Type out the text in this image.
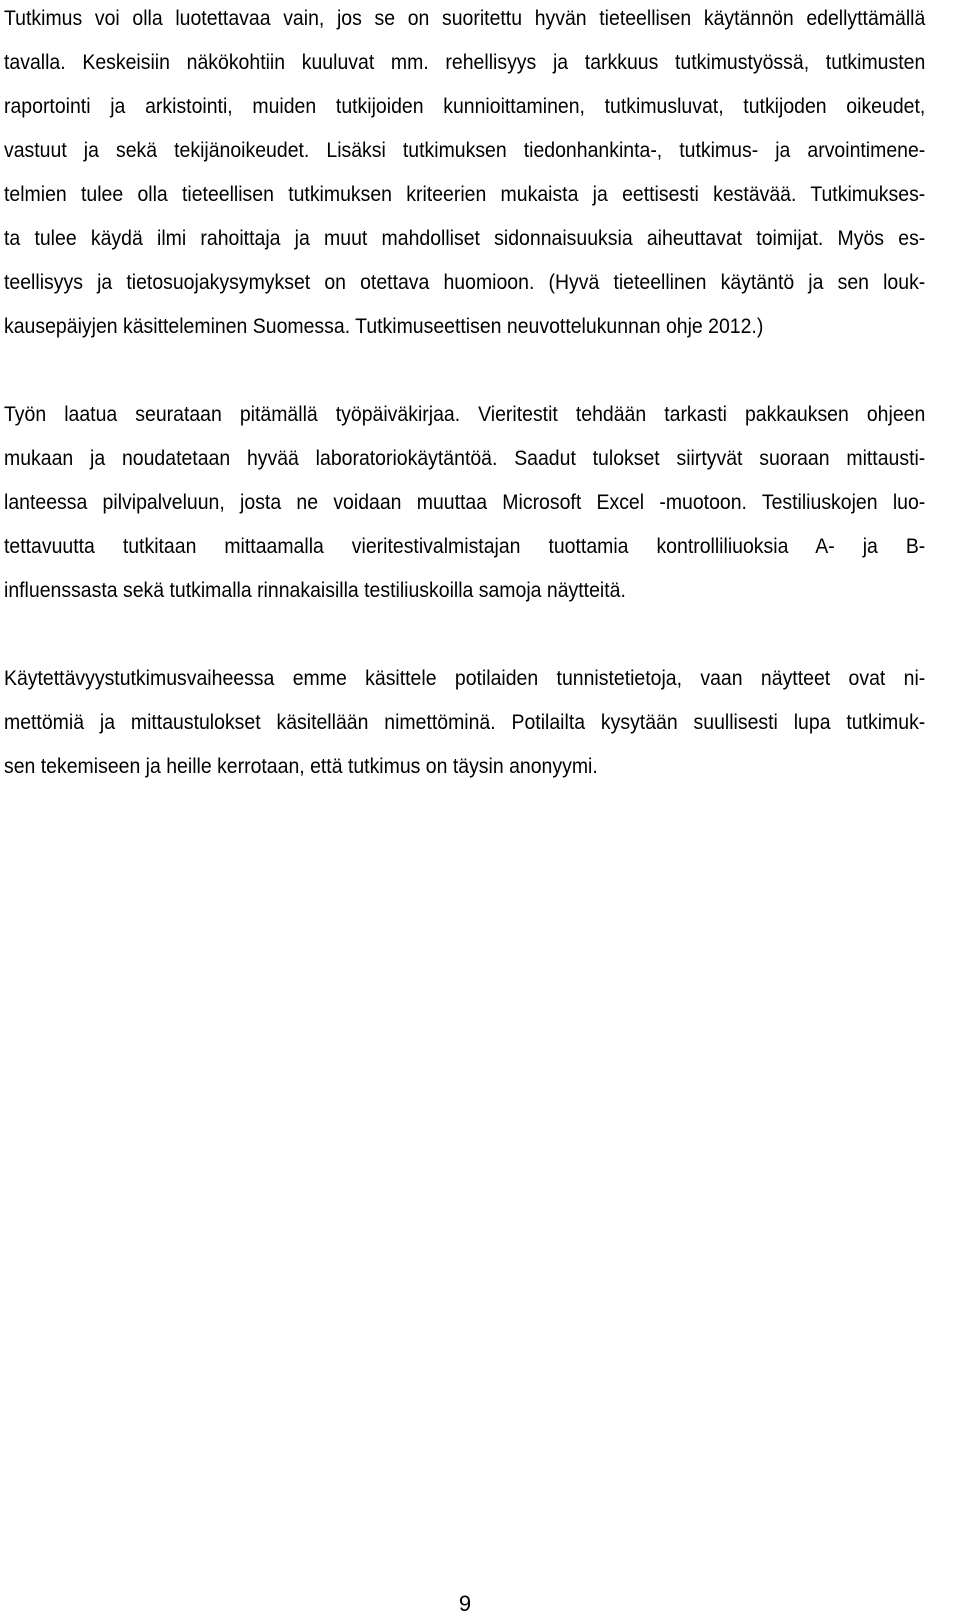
Tutkimus voi olla luotettavaa vain, jos se on suoritettu hyvän tieteellisen käytännön edellyttämällä
tavalla. Keskeisiin näkökohtiin kuuluvat mm. rehellisyys ja tarkkuus tutkimustyössä, tutkimusten
raportointi ja arkistointi, muiden tutkijoiden kunnioittaminen, tutkimusluvat, tutkijoden oikeudet,
vastuut ja sekä tekijänoikeudet. Lisäksi tutkimuksen tiedonhankinta-, tutkimus- ja arvointimene-
telmien tulee olla tieteellisen tutkimuksen kriteerien mukaista ja eettisesti kestävää. Tutkimukses-
ta tulee käydä ilmi rahoittaja ja muut mahdolliset sidonnaisuuksia aiheuttavat toimijat. Myös es-
teellisyys ja tietosuojakysymykset on otettava huomioon. (Hyvä tieteellinen käytäntö ja sen louk-
kausepäiyjen käsitteleminen Suomessa. Tutkimuseettisen neuvottelukunnan ohje 2012.)
Työn laatua seurataan pitämällä työpäiväkirjaa. Vieritestit tehdään tarkasti pakkauksen ohjeen
mukaan ja noudatetaan hyvää laboratoriokäytäntöä. Saadut tulokset siirtyvät suoraan mittausti-
lanteessa pilvipalveluun, josta ne voidaan muuttaa Microsoft Excel -muotoon. Testiliuskojen luo-
tettavuutta tutkitaan mittaamalla vieritestivalmistajan tuottamia kontrolliliuoksia A- ja B-
influenssasta sekä tutkimalla rinnakaisilla testiliuskoilla samoja näytteitä.
Käytettävyystutkimusvaiheessa emme käsittele potilaiden tunnistetietoja, vaan näytteet ovat ni-
mettömiä ja mittaustulokset käsitellään nimettöminä. Potilailta kysytään suullisesti lupa tutkimuk-
sen tekemiseen ja heille kerrotaan, että tutkimus on täysin anonyymi.
9
